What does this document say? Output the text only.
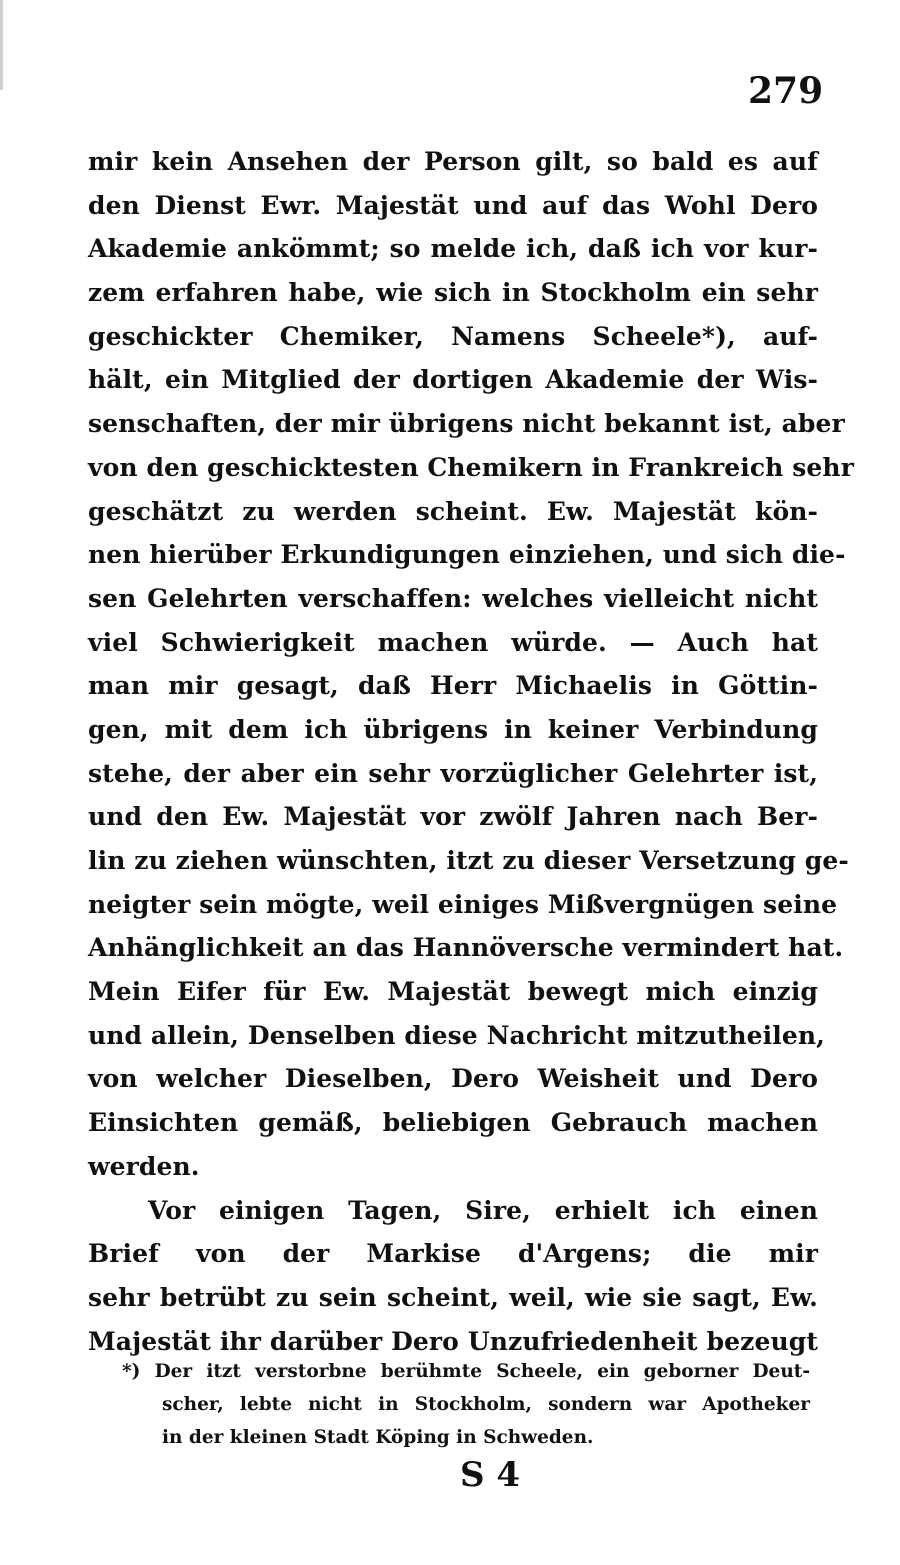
279
mir kein Ansehen der Person gilt, so bald es auf
den Dienst Ewr. Majestät und auf das Wohl Dero
Akademie ankömmt; so melde ich, daß ich vor kur-
zem erfahren habe, wie sich in Stockholm ein sehr
geschickter Chemiker, Namens Scheele*), auf-
hält, ein Mitglied der dortigen Akademie der Wis-
senschaften, der mir übrigens nicht bekannt ist, aber
von den geschicktesten Chemikern in Frankreich sehr
geschätzt zu werden scheint. Ew. Majestät kön-
nen hierüber Erkundigungen einziehen, und sich die-
sen Gelehrten verschaffen: welches vielleicht nicht
viel Schwierigkeit machen würde. — Auch hat
man mir gesagt, daß Herr Michaelis in Göttin-
gen, mit dem ich übrigens in keiner Verbindung
stehe, der aber ein sehr vorzüglicher Gelehrter ist,
und den Ew. Majestät vor zwölf Jahren nach Ber-
lin zu ziehen wünschten, itzt zu dieser Versetzung ge-
neigter sein mögte, weil einiges Mißvergnügen seine
Anhänglichkeit an das Hannöversche vermindert hat.
Mein Eifer für Ew. Majestät bewegt mich einzig
und allein, Denselben diese Nachricht mitzutheilen,
von welcher Dieselben, Dero Weisheit und Dero
Einsichten gemäß, beliebigen Gebrauch machen
werden.
Vor einigen Tagen, Sire, erhielt ich einen
Brief von der Markise d'Argens; die mir
sehr betrübt zu sein scheint, weil, wie sie sagt, Ew.
Majestät ihr darüber Dero Unzufriedenheit bezeugt
*) Der itzt verstorbne berühmte Scheele, ein geborner Deut-
scher, lebte nicht in Stockholm, sondern war Apotheker
in der kleinen Stadt Köping in Schweden.
S 4
